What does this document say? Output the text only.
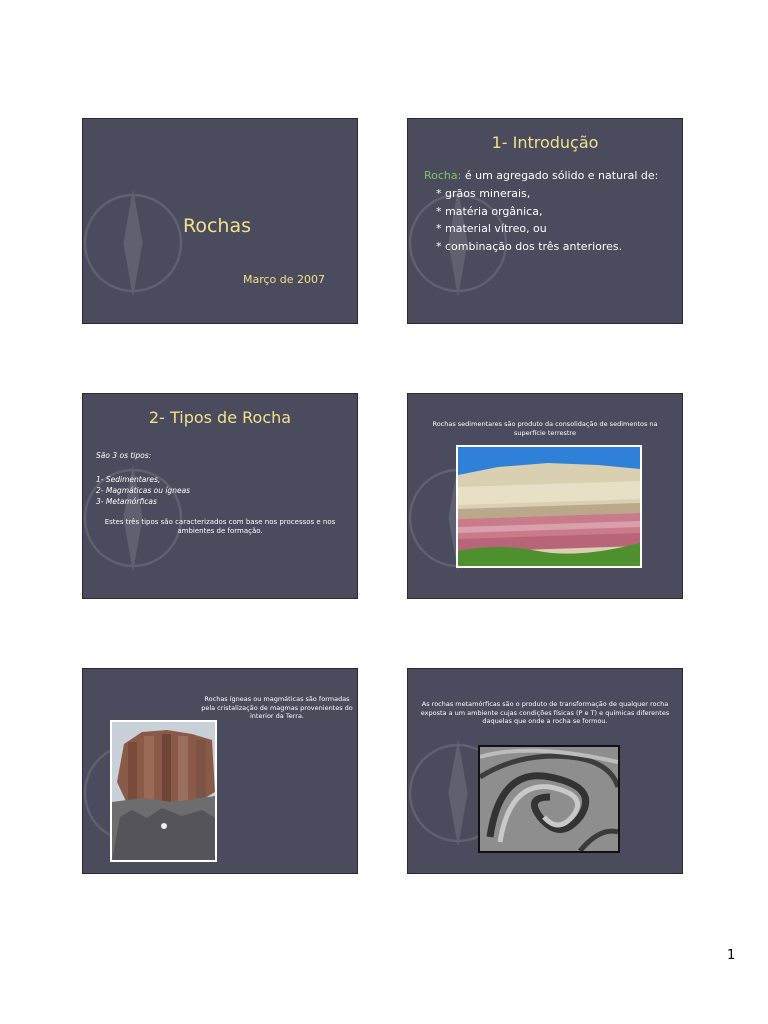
Rochas
Março de 2007
1- Introdução
Rocha: é um agregado sólido e natural de:
* grãos minerais,
* matéria orgânica,
* material vítreo, ou
* combinação dos três anteriores.
2- Tipos de Rocha
São 3 os tipos:
1- Sedimentares,
2- Magmáticas ou ígneas
3- Metamórficas
Estes três tipos são caracterizados com base nos processos e nos ambientes de formação.
Rochas sedimentares são produto da consolidação de sedimentos na superfície terrestre
Rochas ígneas ou magmáticas são formadas pela cristalização de magmas provenientes do interior da Terra.
As rochas metamórficas são o produto de transformação de qualquer rocha exposta a um ambiente cujas condições físicas (P e T) e químicas diferentes daquelas que onde a rocha se formou.
1
